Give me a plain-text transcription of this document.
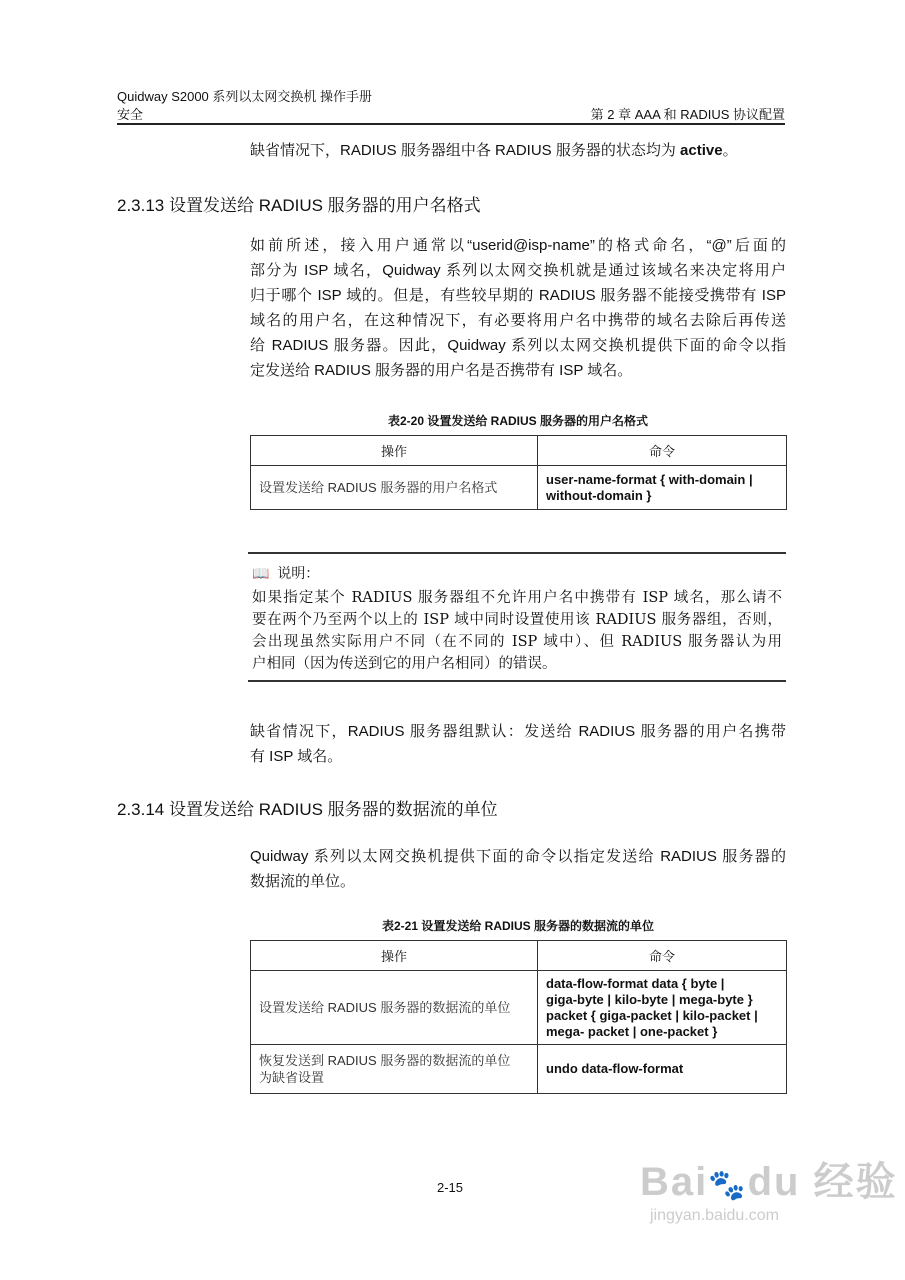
Quidway S2000 系列以太网交换机 操作手册
安全	第 2 章 AAA 和 RADIUS 协议配置
缺省情况下，RADIUS 服务器组中各 RADIUS 服务器的状态均为 active。
2.3.13 设置发送给 RADIUS 服务器的用户名格式
如前所述，接入用户通常以“userid@isp-name”的格式命名，“@”后面的
部分为 ISP 域名，Quidway 系列以太网交换机就是通过该域名来决定将用户
归于哪个 ISP 域的。但是，有些较早期的 RADIUS 服务器不能接受携带有 ISP
域名的用户名，在这种情况下，有必要将用户名中携带的域名去除后再传送
给 RADIUS 服务器。因此，Quidway 系列以太网交换机提供下面的命令以指
定发送给 RADIUS 服务器的用户名是否携带有 ISP 域名。
表2-20 设置发送给 RADIUS 服务器的用户名格式
操作	命令
设置发送给 RADIUS 服务器的用户名格式	user-name-format { with-domain |
without-domain }
📖 说明：
如果指定某个 RADIUS 服务器组不允许用户名中携带有 ISP 域名，那么请不
要在两个乃至两个以上的 ISP 域中同时设置使用该 RADIUS 服务器组，否则，
会出现虽然实际用户不同（在不同的 ISP 域中）、但 RADIUS 服务器认为用
户相同（因为传送到它的用户名相同）的错误。
缺省情况下，RADIUS 服务器组默认：发送给 RADIUS 服务器的用户名携带
有 ISP 域名。
2.3.14 设置发送给 RADIUS 服务器的数据流的单位
Quidway 系列以太网交换机提供下面的命令以指定发送给 RADIUS 服务器的
数据流的单位。
表2-21 设置发送给 RADIUS 服务器的数据流的单位
操作	命令

设置发送给 RADIUS 服务器的数据流的单位	data-flow-format data { byte |
giga-byte | kilo-byte | mega-byte }
packet { giga-packet | kilo-packet |
mega- packet | one-packet }

恢复发送到 RADIUS 服务器的数据流的单位
为缺省设置	undo data-flow-format
2-15	Bai🐾du 经验
jingyan.baidu.com
